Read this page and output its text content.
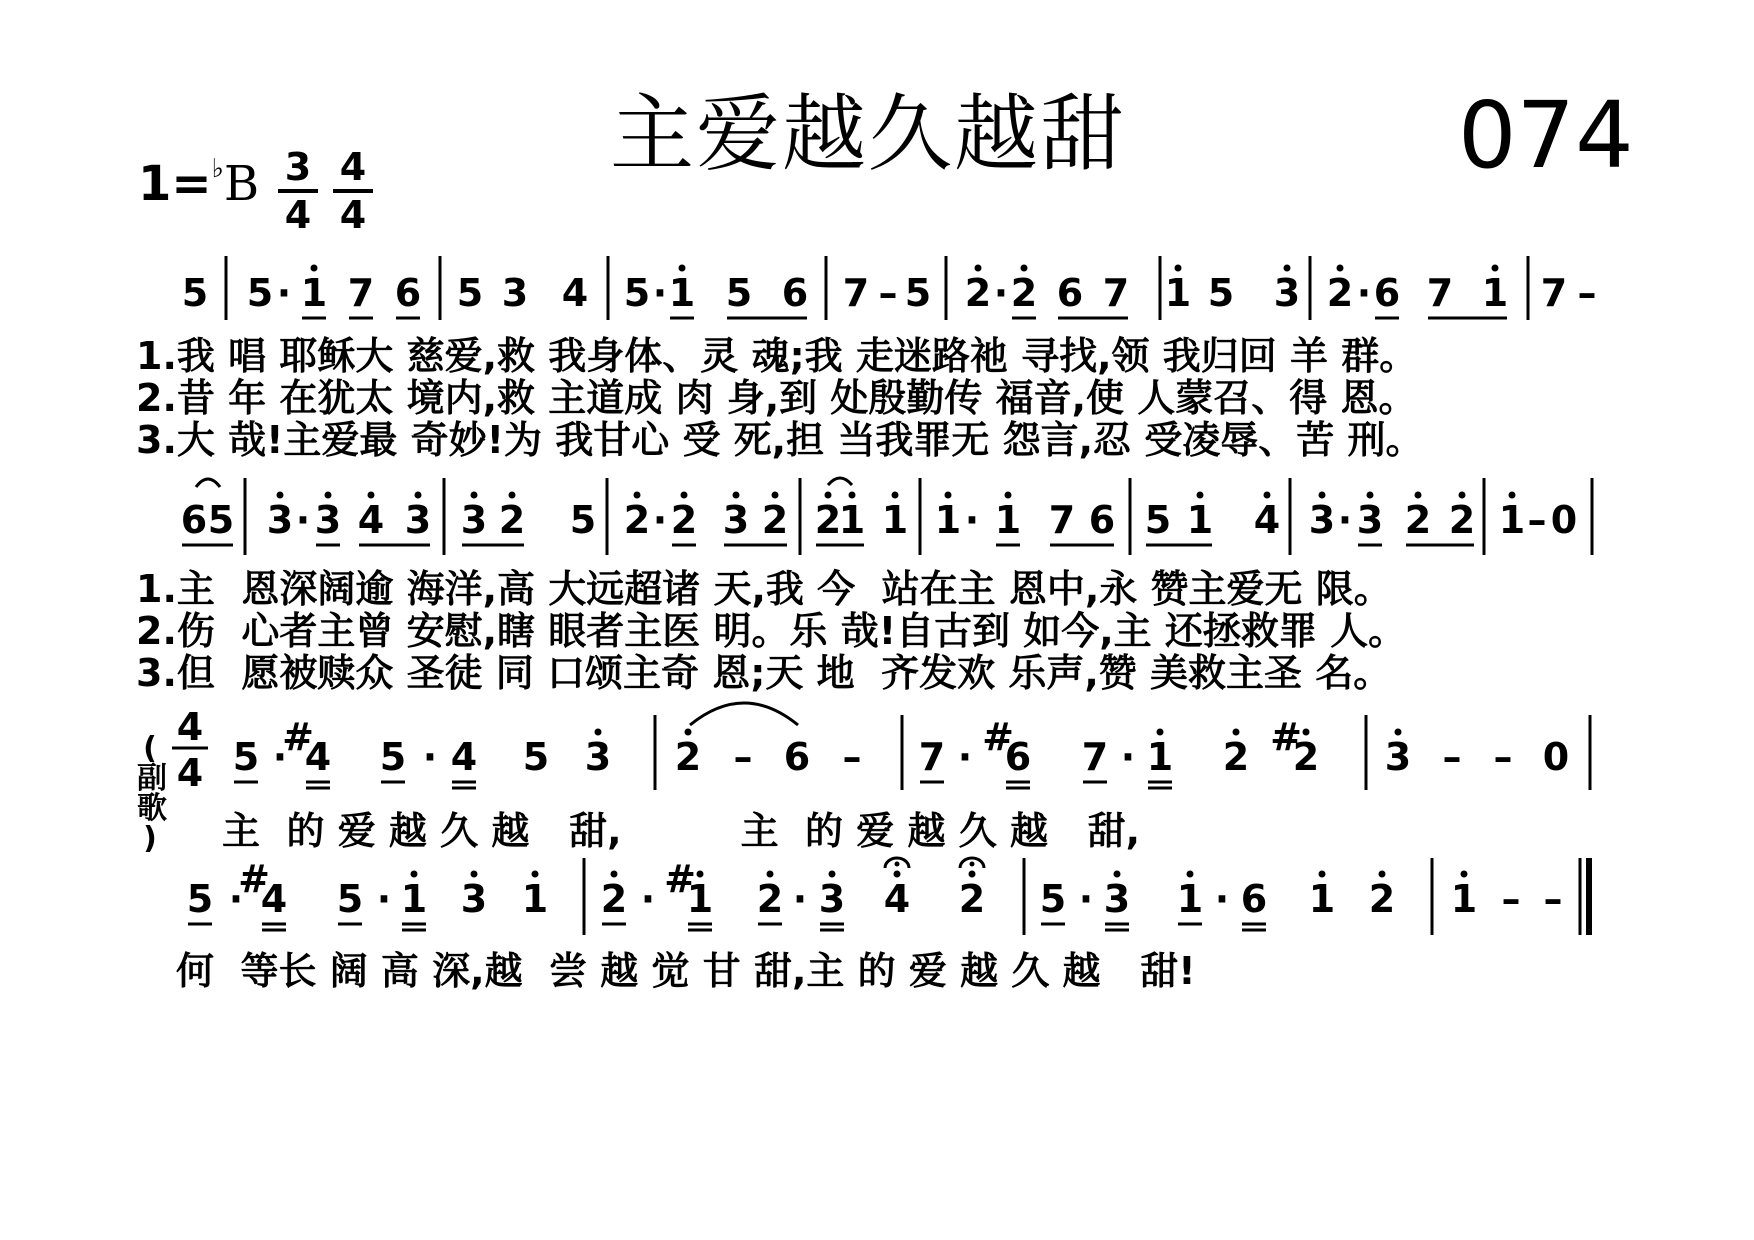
主爱越久越甜	074
1=♭B 3
4
4
4
5 5 · 1 7 6 5 3 4 5 · 1 5 6 7 – 5 2 · 2 6 7 1 5 3 2 · 6 7 1 7 –
6 5 3 · 3 4 3 3 2 5 2 · 2 3 2 2
1 1 1 · 1 7 6 5 1 4 3 · 3 2 2 1 – 0
4
4 5 · 4
# 5 · 4 5 3 2 – 6 – 7 · 6
# 7 · 1 2 2
# 3 – – 0
5 · 4
# 5 · 1 3 1 2 · 1
# 2 · 3 4 2 5 · 3 1 · 6 1 2 1 – –
1.我 唱 耶稣大 慈爱,救 我身体、灵 魂;我 走迷路祂 寻找,领 我归回 羊 群。
2.昔 年 在犹太 境内,救 主道成 肉 身,到 处殷勤传 福音,使 人蒙召、得 恩。
3.大 哉!主爱最 奇妙!为 我甘心 受 死,担 当我罪无 怨言,忍 受凌辱、苦 刑。
1.主  恩深阔逾 海洋,高 大远超诸 天,我 今  站在主 恩中,永 赞主爱无 限。
2.伤  心者主曾 安慰,瞎 眼者主医 明。乐 哉!自古到 如今,主 还拯救罪 人。
3.但  愿被赎众 圣徒 同 口颂主奇 恩;天 地  齐发欢 乐声,赞 美救主圣 名。
(
副歌
) 主  的 爱 越 久 越   甜,         主  的 爱 越 久 越   甜,
何  等长 阔 高 深,越  尝 越 觉 甘 甜,主 的 爱 越 久 越   甜!
